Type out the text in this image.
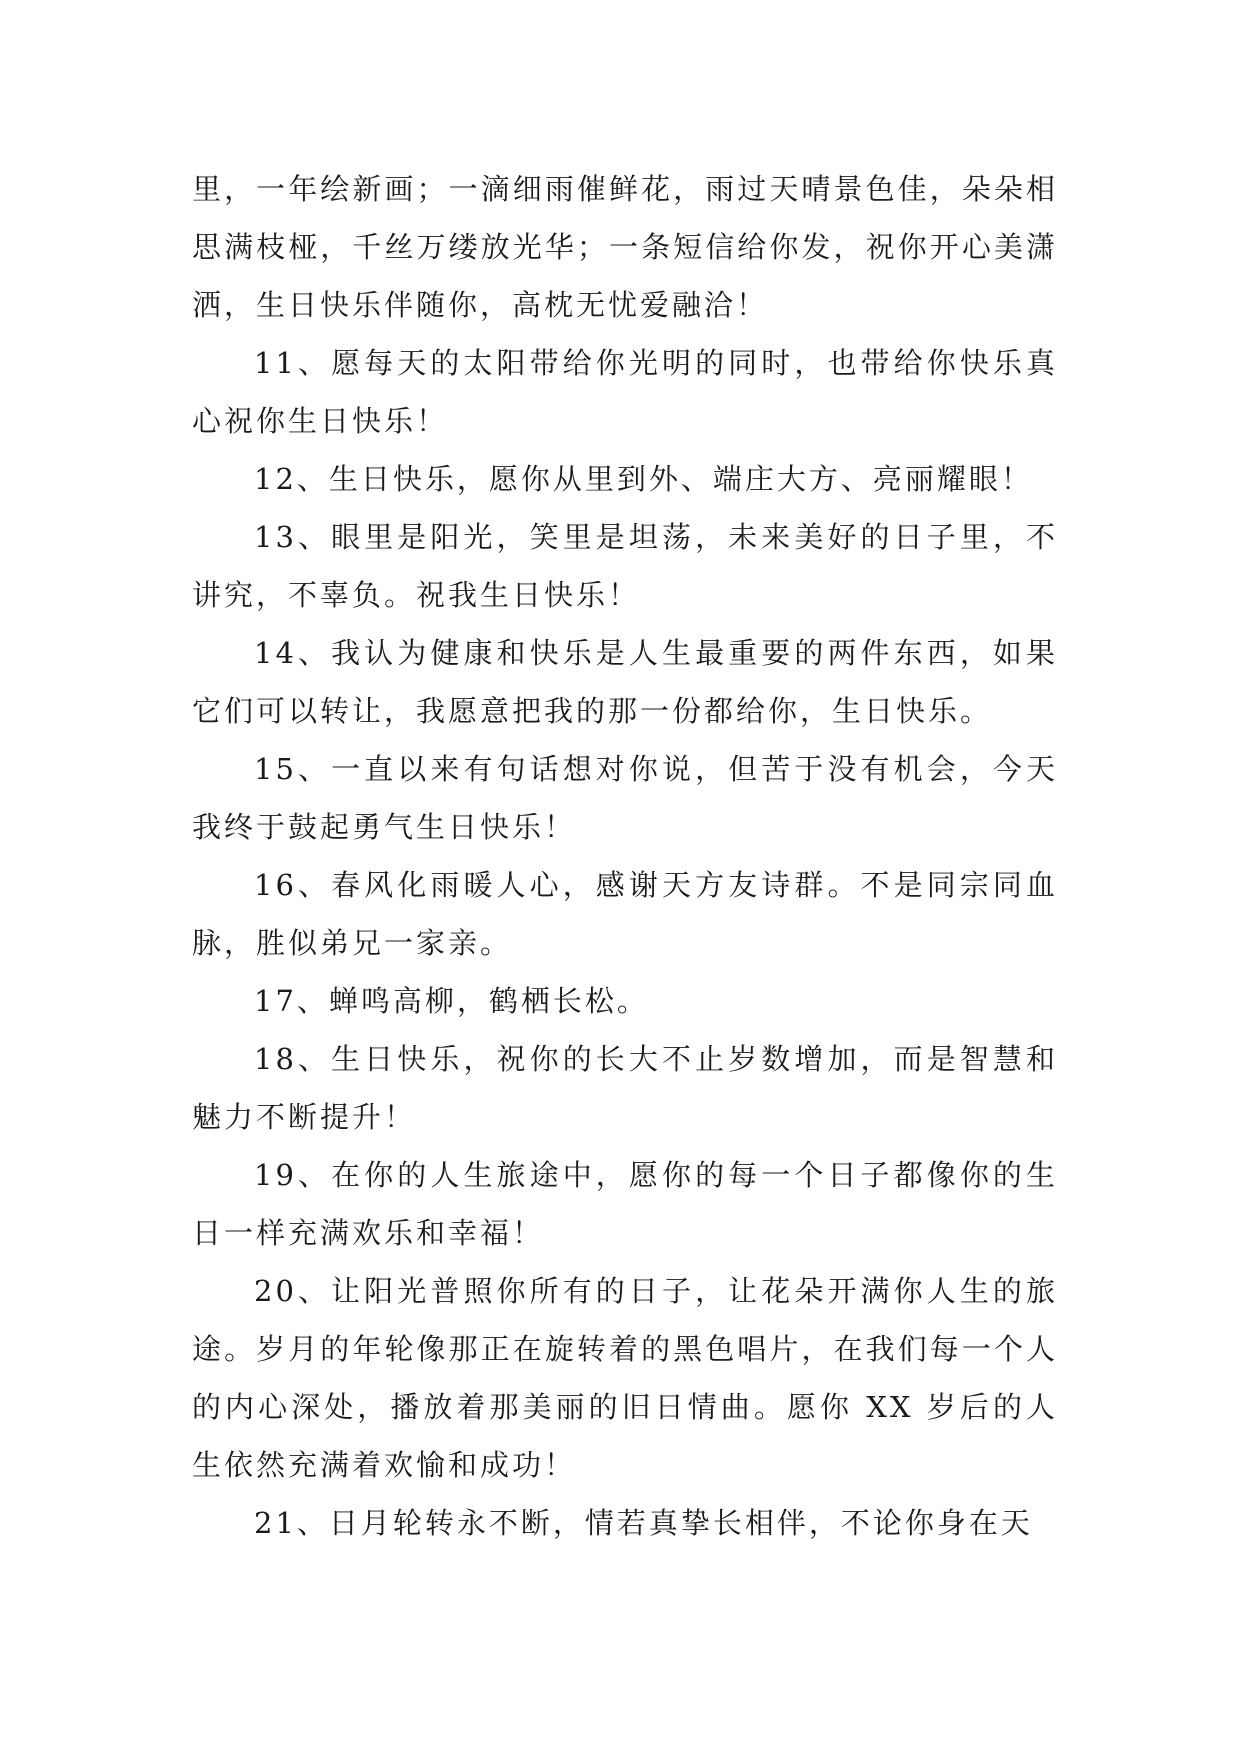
里，一年绘新画；一滴细雨催鲜花，雨过天晴景色佳，朵朵相思满枝桠，千丝万缕放光华；一条短信给你发，祝你开心美潇洒，生日快乐伴随你，高枕无忧爱融洽！

11、愿每天的太阳带给你光明的同时，也带给你快乐真心祝你生日快乐！

12、生日快乐，愿你从里到外、端庄大方、亮丽耀眼！

13、眼里是阳光，笑里是坦荡，未来美好的日子里，不讲究，不辜负。祝我生日快乐！

14、我认为健康和快乐是人生最重要的两件东西，如果它们可以转让，我愿意把我的那一份都给你，生日快乐。

15、一直以来有句话想对你说，但苦于没有机会，今天我终于鼓起勇气生日快乐！

16、春风化雨暖人心，感谢天方友诗群。不是同宗同血脉，胜似弟兄一家亲。

17、蝉鸣高柳，鹤栖长松。

18、生日快乐，祝你的长大不止岁数增加，而是智慧和魅力不断提升！

19、在你的人生旅途中，愿你的每一个日子都像你的生日一样充满欢乐和幸福！

20、让阳光普照你所有的日子，让花朵开满你人生的旅途。岁月的年轮像那正在旋转着的黑色唱片，在我们每一个人的内心深处，播放着那美丽的旧日情曲。愿你 XX 岁后的人生依然充满着欢愉和成功！

21、日月轮转永不断，情若真挚长相伴，不论你身在天
